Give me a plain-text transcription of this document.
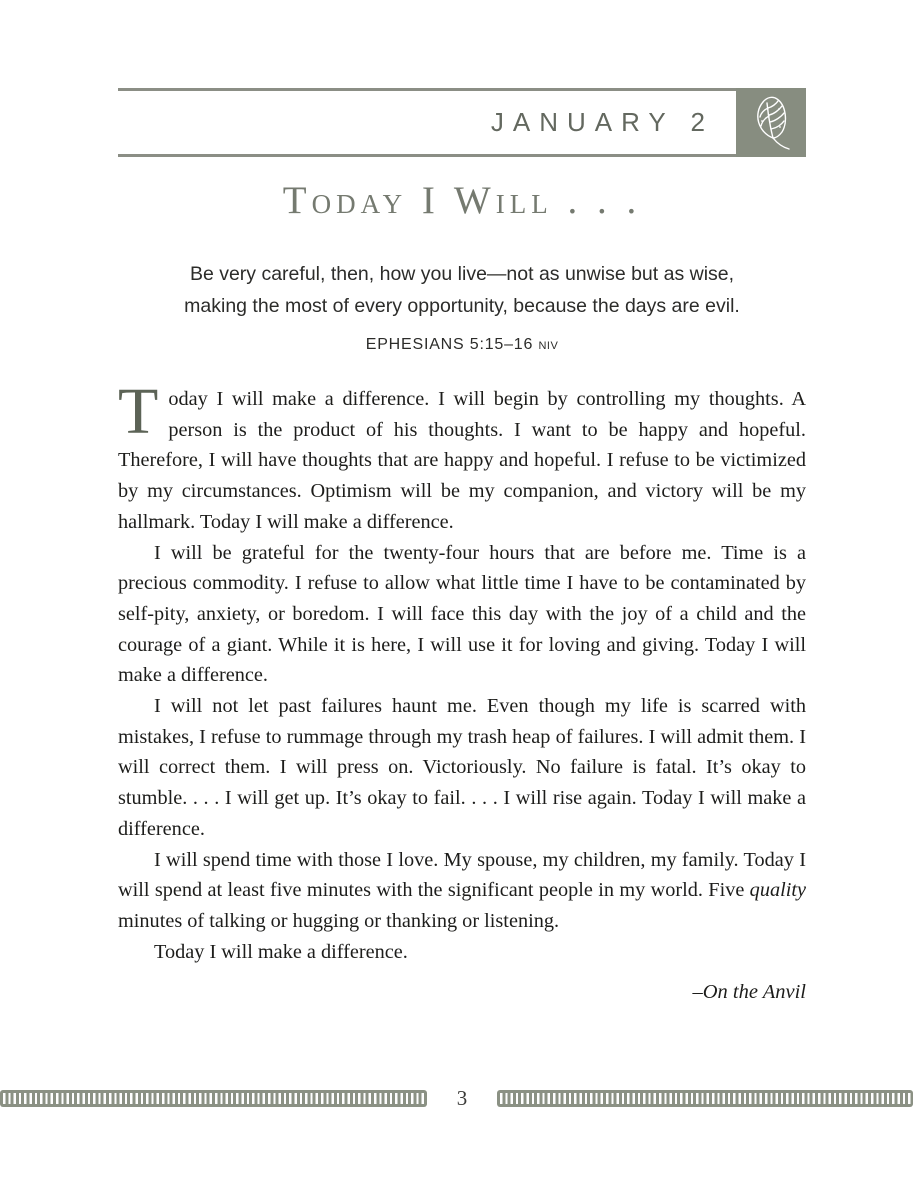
JANUARY 2
Today I Will . . .
Be very careful, then, how you live—not as unwise but as wise,
making the most of every opportunity, because the days are evil.
EPHESIANS 5:15–16 NIV

T oday I will make a difference. I will begin by controlling my thoughts. A person is the product of his thoughts. I want to be happy and hopeful. Therefore, I will have thoughts that are happy and hopeful. I refuse to be victimized by my circumstances. Optimism will be my companion, and victory will be my hallmark. Today I will make a difference.

I will be grateful for the twenty-four hours that are before me. Time is a precious commodity. I refuse to allow what little time I have to be contaminated by self-pity, anxiety, or boredom. I will face this day with the joy of a child and the courage of a giant. While it is here, I will use it for loving and giving. Today I will make a difference.

I will not let past failures haunt me. Even though my life is scarred with mistakes, I refuse to rummage through my trash heap of failures. I will admit them. I will correct them. I will press on. Victoriously. No failure is fatal. It’s okay to stumble. . . . I will get up. It’s okay to fail. . . . I will rise again. Today I will make a difference.

I will spend time with those I love. My spouse, my children, my family. Today I will spend at least five minutes with the significant people in my world. Five quality minutes of talking or hugging or thanking or listening.

Today I will make a difference.

–On the Anvil
3
